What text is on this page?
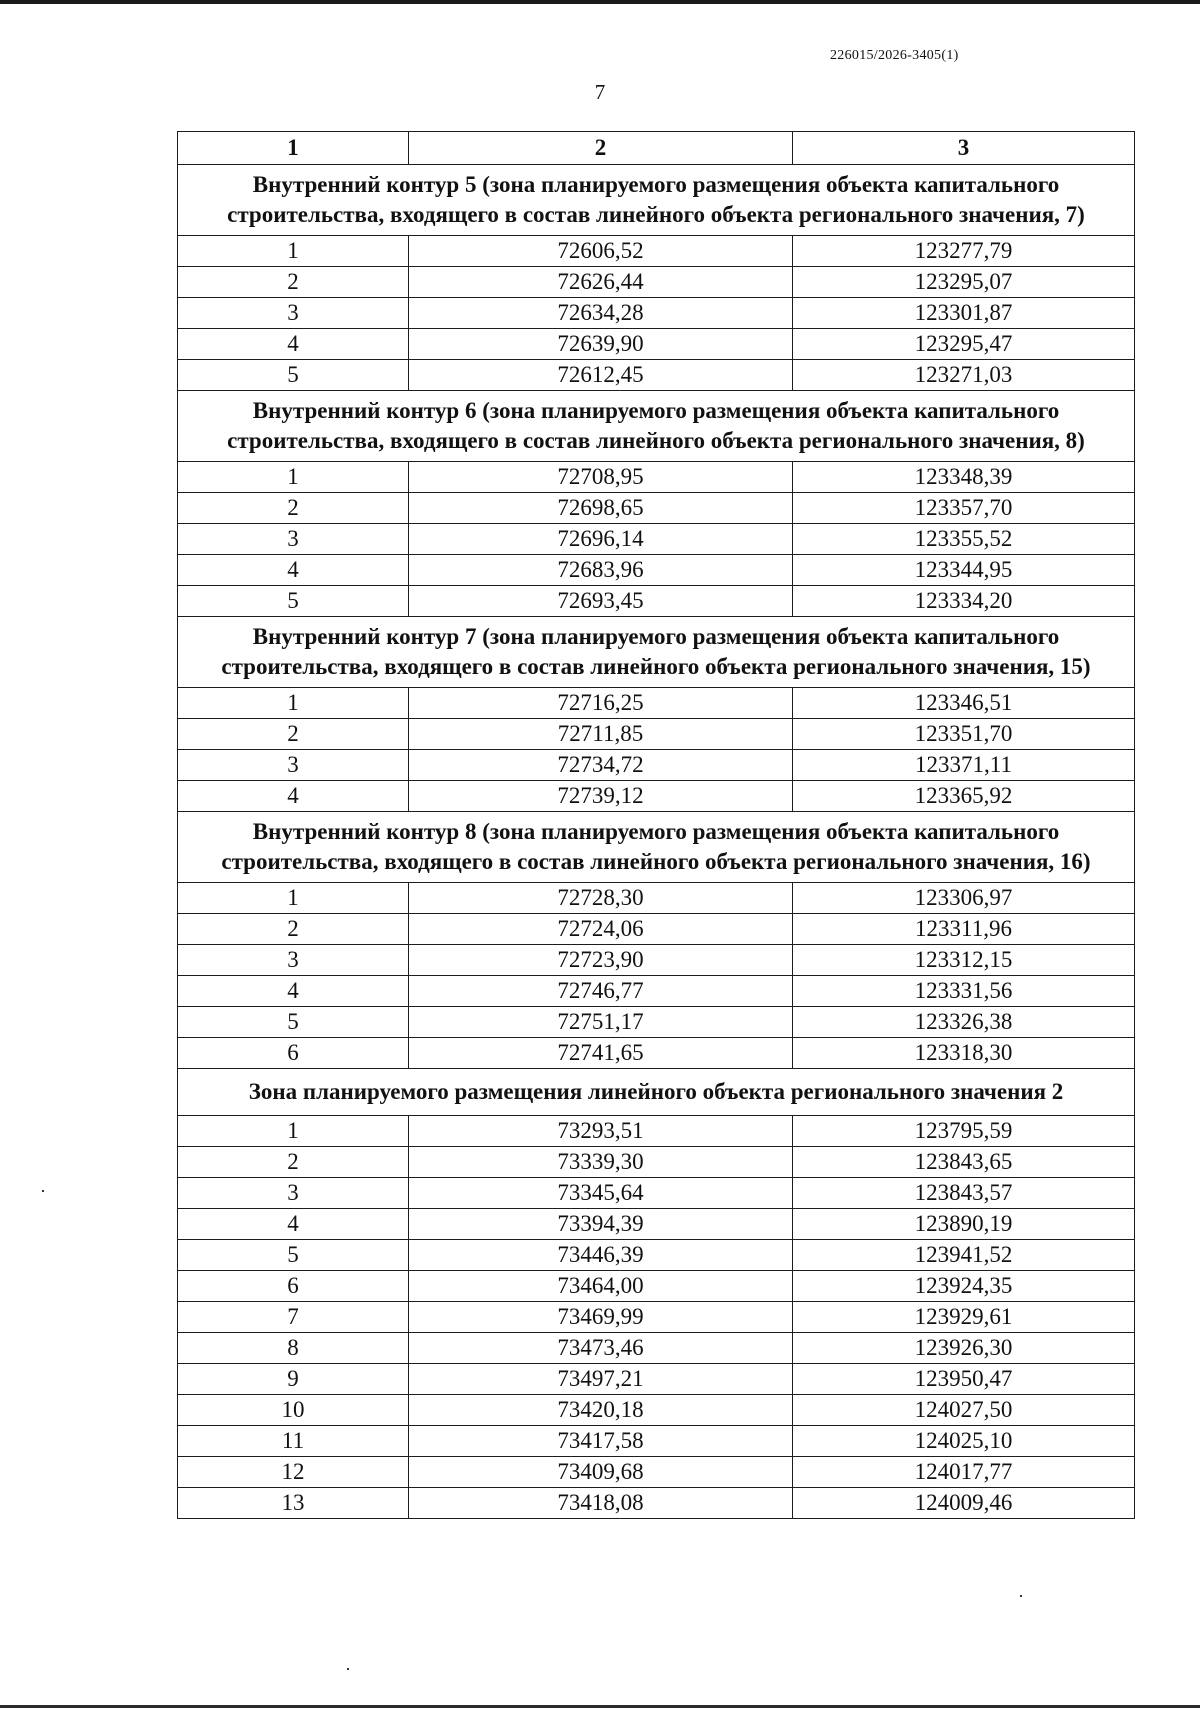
226015/2026-3405(1)
7
1	2	3
Внутренний контур 5 (зона планируемого размещения объекта капитального строительства, входящего в состав линейного объекта регионального значения, 7)		
1	72606,52	123277,79
2	72626,44	123295,07
3	72634,28	123301,87
4	72639,90	123295,47
5	72612,45	123271,03
Внутренний контур 6 (зона планируемого размещения объекта капитального строительства, входящего в состав линейного объекта регионального значения, 8)		
1	72708,95	123348,39
2	72698,65	123357,70
3	72696,14	123355,52
4	72683,96	123344,95
5	72693,45	123334,20
Внутренний контур 7 (зона планируемого размещения объекта капитального строительства, входящего в состав линейного объекта регионального значения, 15)		
1	72716,25	123346,51
2	72711,85	123351,70
3	72734,72	123371,11
4	72739,12	123365,92
Внутренний контур 8 (зона планируемого размещения объекта капитального строительства, входящего в состав линейного объекта регионального значения, 16)		
1	72728,30	123306,97
2	72724,06	123311,96
3	72723,90	123312,15
4	72746,77	123331,56
5	72751,17	123326,38
6	72741,65	123318,30
Зона планируемого размещения линейного объекта регионального значения 2		
1	73293,51	123795,59
2	73339,30	123843,65
3	73345,64	123843,57
4	73394,39	123890,19
5	73446,39	123941,52
6	73464,00	123924,35
7	73469,99	123929,61
8	73473,46	123926,30
9	73497,21	123950,47
10	73420,18	124027,50
11	73417,58	124025,10
12	73409,68	124017,77
13	73418,08	124009,46
